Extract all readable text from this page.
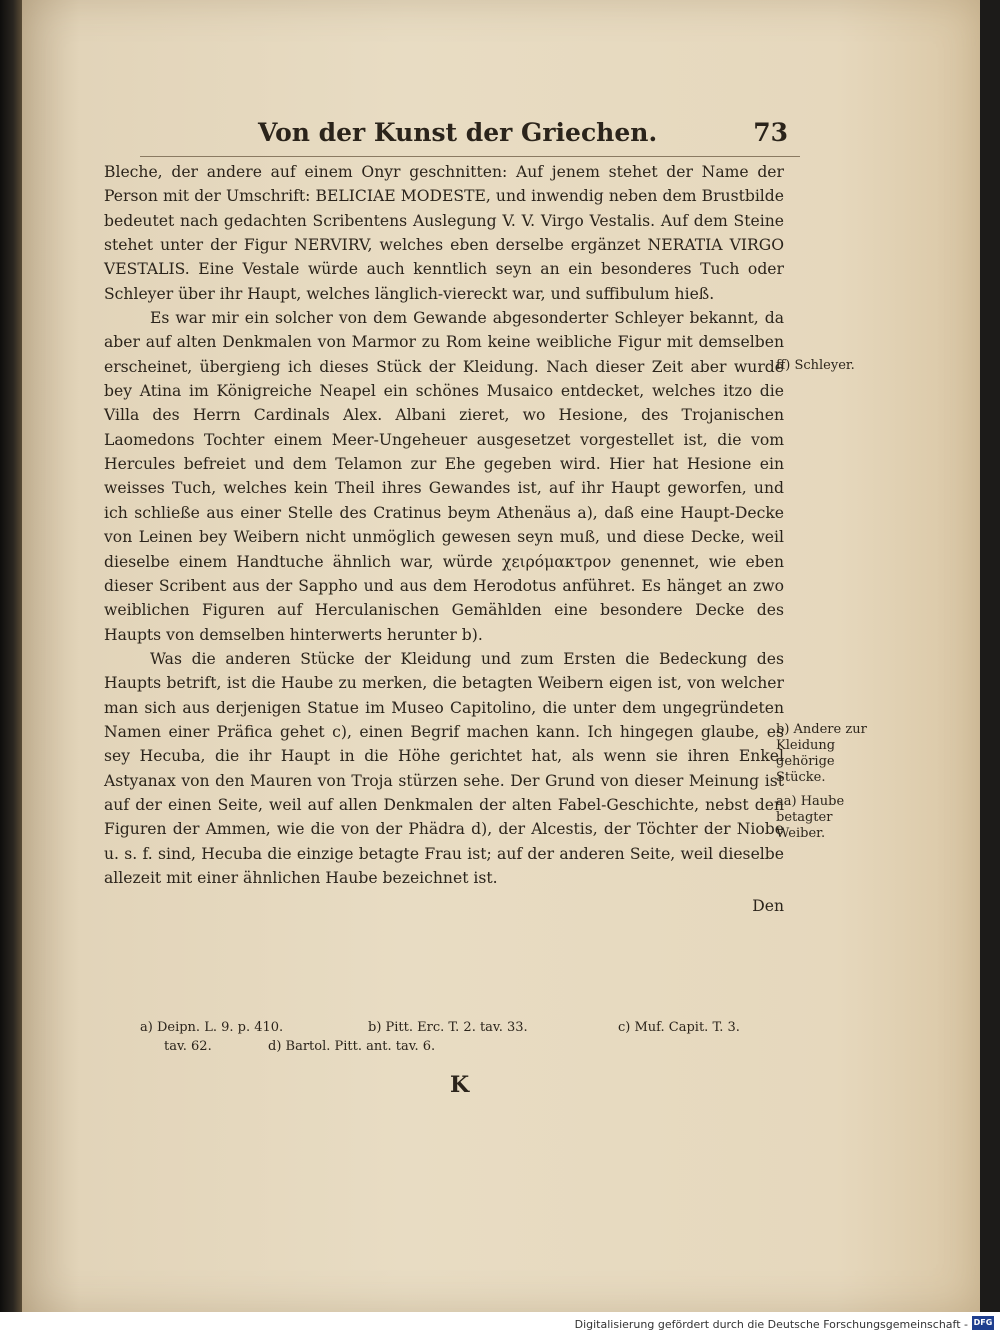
Von der Kunst der Griechen.	73

Bleche, der andere auf einem Onyr geschnitten: Auf jenem stehet der Name der Person mit der Umschrift: BELICIAE MODESTE, und inwendig neben dem Brustbilde bedeutet nach gedachten Scribentens Auslegung V. V. Virgo Vestalis. Auf dem Steine stehet unter der Figur NERVIRV, welches eben derselbe ergänzet NERATIA VIRGO VESTALIS. Eine Vestale würde auch kenntlich seyn an ein besonderes Tuch oder Schleyer über ihr Haupt, welches länglich-viereckt war, und suffibulum hieß.

Es war mir ein solcher von dem Gewande abgesonderter Schleyer bekannt, da aber auf alten Denkmalen von Marmor zu Rom keine weibliche Figur mit demselben erscheinet, übergieng ich dieses Stück der Kleidung. Nach dieser Zeit aber wurde bey Atina im Königreiche Neapel ein schönes Musaico entdecket, welches itzo die Villa des Herrn Cardinals Alex. Albani zieret, wo Hesione, des Trojanischen Laomedons Tochter einem Meer-Ungeheuer ausgesetzet vorgestellet ist, die vom Hercules befreiet und dem Telamon zur Ehe gegeben wird. Hier hat Hesione ein weisses Tuch, welches kein Theil ihres Gewandes ist, auf ihr Haupt geworfen, und ich schließe aus einer Stelle des Cratinus beym Athenäus a), daß eine Haupt-Decke von Leinen bey Weibern nicht unmöglich gewesen seyn muß, und diese Decke, weil dieselbe einem Handtuche ähnlich war, würde χειρόμακτρον genennet, wie eben dieser Scribent aus der Sappho und aus dem Herodotus anführet. Es hänget an zwo weiblichen Figuren auf Herculanischen Gemählden eine besondere Decke des Haupts von demselben hinterwerts herunter b).

Was die anderen Stücke der Kleidung und zum Ersten die Bedeckung des Haupts betrift, ist die Haube zu merken, die betagten Weibern eigen ist, von welcher man sich aus derjenigen Statue im Museo Capitolino, die unter dem ungegründeten Namen einer Präfica gehet c), einen Begrif machen kann. Ich hingegen glaube, es sey Hecuba, die ihr Haupt in die Höhe gerichtet hat, als wenn sie ihren Enkel Astyanax von den Mauren von Troja stürzen sehe. Der Grund von dieser Meinung ist auf der einen Seite, weil auf allen Denkmalen der alten Fabel-Geschichte, nebst den Figuren der Ammen, wie die von der Phädra d), der Alcestis, der Töchter der Niobe u. s. f. sind, Hecuba die einzige betagte Frau ist; auf der anderen Seite, weil dieselbe allezeit mit einer ähnlichen Haube bezeichnet ist.

Den

ff) Schleyer.
b) Andere zur Kleidung gehörige Stücke.
aa) Haube betagter Weiber.
a) Deipn. L. 9. p. 410.	b) Pitt. Erc. T. 2. tav. 33.	c) Muf. Capit. T. 3.
tav. 62.	d) Bartol. Pitt. ant. tav. 6.
K
Digitalisierung gefördert durch die Deutsche Forschungsgemeinschaft - DFG
